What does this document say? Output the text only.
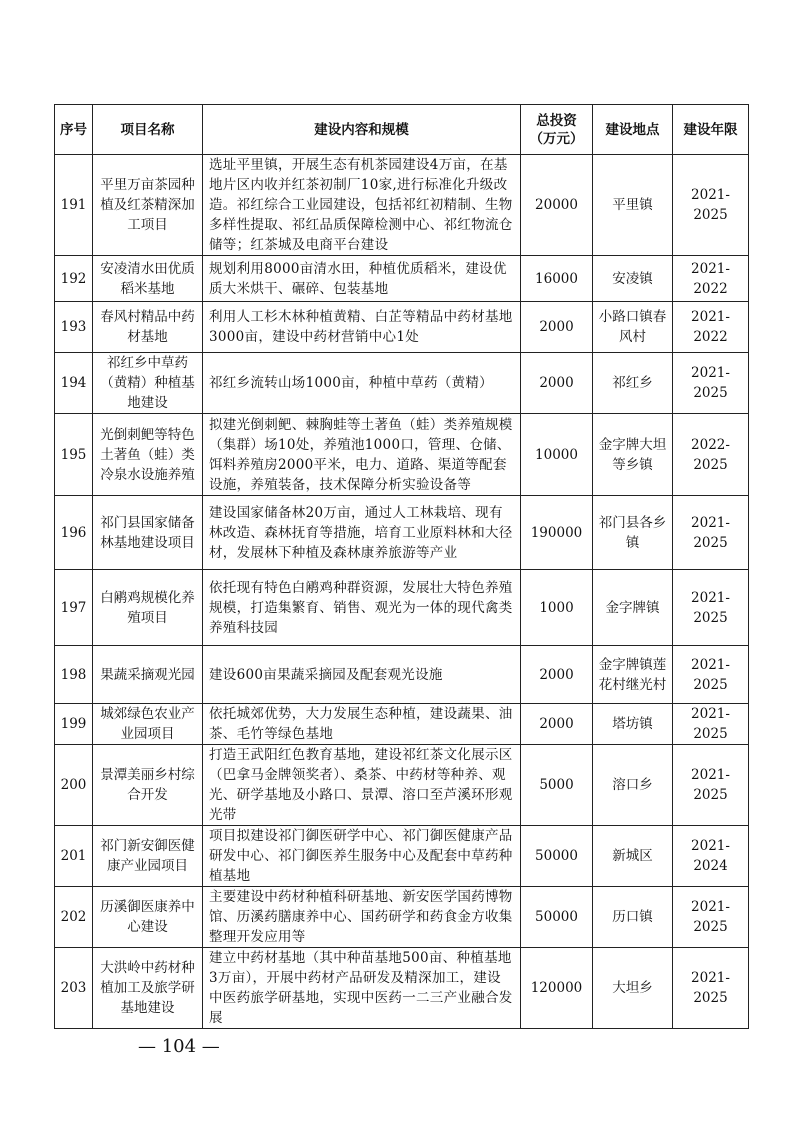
序号	项目名称	建设内容和规模	总投资（万元）	建设地点	建设年限
191	平里万亩茶园种植及红茶精深加工项目	选址平里镇，开展生态有机茶园建设4万亩，在基地片区内收并红茶初制厂10家,进行标准化升级改造。祁红综合工业园建设，包括祁红初精制、生物多样性提取、祁红品质保障检测中心、祁红物流仓储等；红茶城及电商平台建设	20000	平里镇	2021-2025
192	安凌清水田优质稻米基地	规划利用8000亩清水田，种植优质稻米，建设优质大米烘干、碾碎、包装基地	16000	安凌镇	2021-2022
193	春风村精品中药材基地	利用人工杉木林种植黄精、白芷等精品中药材基地3000亩，建设中药材营销中心1处	2000	小路口镇春风村	2021-2022
194	祁红乡中草药（黄精）种植基地建设	祁红乡流转山场1000亩，种植中草药（黄精）	2000	祁红乡	2021-2025
195	光倒刺鲃等特色土著鱼（蛙）类冷泉水设施养殖	拟建光倒刺鲃、棘胸蛙等土著鱼（蛙）类养殖规模（集群）场10处，养殖池1000口，管理、仓储、饵料养殖房2000平米，电力、道路、渠道等配套设施，养殖装备，技术保障分析实验设备等	10000	金字牌大坦等乡镇	2022-2025
196	祁门县国家储备林基地建设项目	建设国家储备林20万亩，通过人工林栽培、现有林改造、森林抚育等措施，培育工业原料林和大径材，发展林下种植及森林康养旅游等产业	190000	祁门县各乡镇	2021-2025
197	白鹇鸡规模化养殖项目	依托现有特色白鹇鸡种群资源，发展壮大特色养殖规模，打造集繁育、销售、观光为一体的现代禽类养殖科技园	1000	金字牌镇	2021-2025
198	果蔬采摘观光园	建设600亩果蔬采摘园及配套观光设施	2000	金字牌镇莲花村继光村	2021-2025
199	城郊绿色农业产业园项目	依托城郊优势，大力发展生态种植，建设蔬果、油茶、毛竹等绿色基地	2000	塔坊镇	2021-2025
200	景潭美丽乡村综合开发	打造王武阳红色教育基地，建设祁红茶文化展示区（巴拿马金牌领奖者）、桑茶、中药材等种养、观光、研学基地及小路口、景潭、溶口至芦溪环形观光带	5000	溶口乡	2021-2025
201	祁门新安御医健康产业园项目	项目拟建设祁门御医研学中心、祁门御医健康产品研发中心、祁门御医养生服务中心及配套中草药种植基地	50000	新城区	2021-2024
202	历溪御医康养中心建设	主要建设中药材种植科研基地、新安医学国药博物馆、历溪药膳康养中心、国药研学和药食金方收集整理开发应用等	50000	历口镇	2021-2025
203	大洪岭中药材种植加工及旅学研基地建设	建立中药材基地（其中种苗基地500亩、种植基地3万亩），开展中药材产品研发及精深加工，建设中医药旅学研基地，实现中医药一二三产业融合发展	120000	大坦乡	2021-2025
— 104 —
